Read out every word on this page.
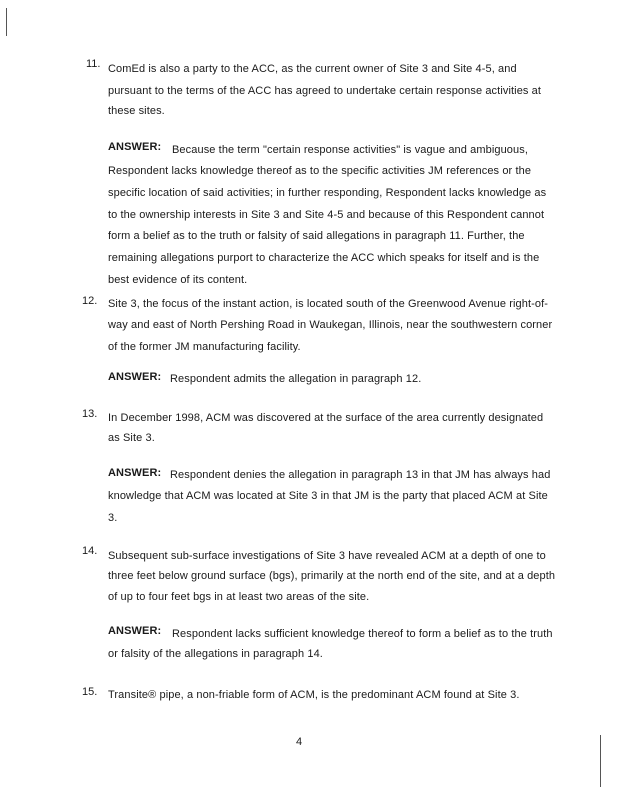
11. ComEd is also a party to the ACC, as the current owner of Site 3 and Site 4-5, and
pursuant to the terms of the ACC has agreed to undertake certain response activities at
these sites.
ANSWER: Because the term "certain response activities" is vague and ambiguous,
Respondent lacks knowledge thereof as to the specific activities JM references or the
specific location of said activities; in further responding, Respondent lacks knowledge as
to the ownership interests in Site 3 and Site 4-5 and because of this Respondent cannot
form a belief as to the truth or falsity of said allegations in paragraph 11. Further, the
remaining allegations purport to characterize the ACC which speaks for itself and is the
best evidence of its content.
12. Site 3, the focus of the instant action, is located south of the Greenwood Avenue right-of-
way and east of North Pershing Road in Waukegan, Illinois, near the southwestern corner
of the former JM manufacturing facility.
ANSWER: Respondent admits the allegation in paragraph 12.
13. In December 1998, ACM was discovered at the surface of the area currently designated
as Site 3.
ANSWER: Respondent denies the allegation in paragraph 13 in that JM has always had
knowledge that ACM was located at Site 3 in that JM is the party that placed ACM at Site
3.
14. Subsequent sub-surface investigations of Site 3 have revealed ACM at a depth of one to
three feet below ground surface (bgs), primarily at the north end of the site, and at a depth
of up to four feet bgs in at least two areas of the site.
ANSWER: Respondent lacks sufficient knowledge thereof to form a belief as to the truth
or falsity of the allegations in paragraph 14.
15. Transite® pipe, a non-friable form of ACM, is the predominant ACM found at Site 3.
4
